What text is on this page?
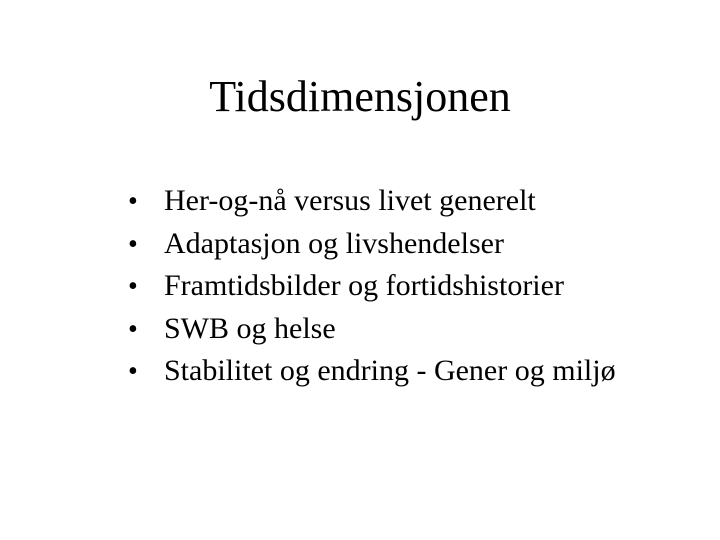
Tidsdimensjonen
• Her-og-nå versus livet generelt
• Adaptasjon og livshendelser
• Framtidsbilder og fortidshistorier
• SWB og helse
• Stabilitet og endring - Gener og miljø
